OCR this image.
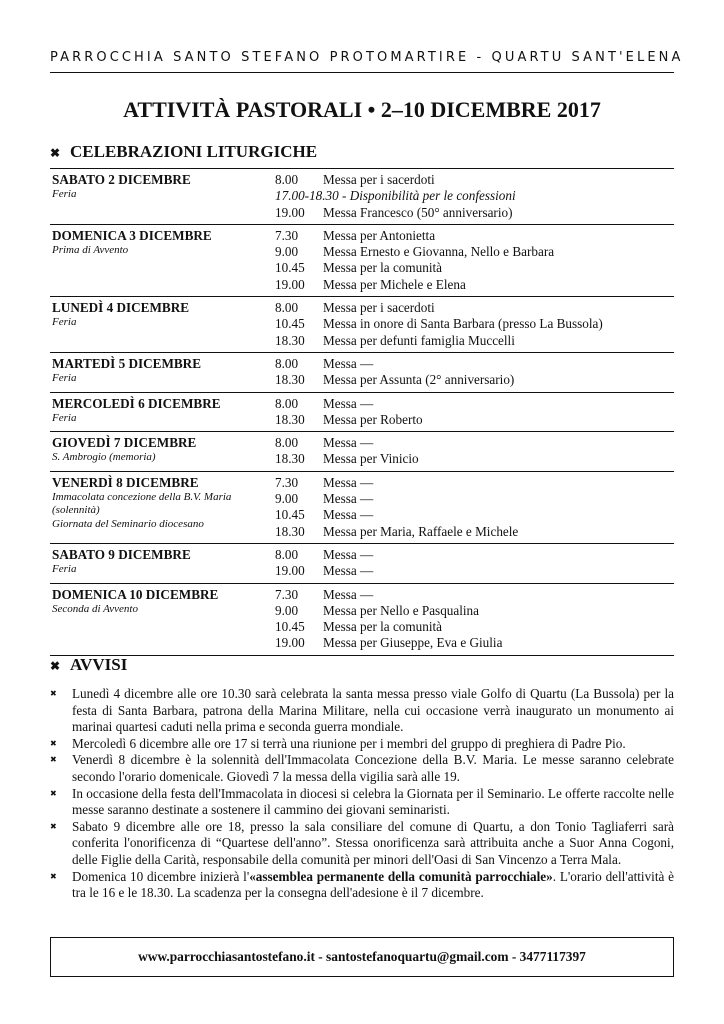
PARROCCHIA SANTO STEFANO PROTOMARTIRE - QUARTU SANT'ELENA
ATTIVITÀ PASTORALI • 2–10 DICEMBRE 2017
✖ CELEBRAZIONI LITURGICHE
SABATO 2 DICEMBRE
Feria
8.00	Messa per i sacerdoti
17.00-18.30 - Disponibilità per le confessioni
19.00	Messa Francesco (50° anniversario)
DOMENICA 3 DICEMBRE
Prima di Avvento
7.30	Messa per Antonietta
9.00	Messa Ernesto e Giovanna, Nello e Barbara
10.45	Messa per la comunità
19.00	Messa per Michele e Elena
LUNEDÌ 4 DICEMBRE
Feria
8.00	Messa per i sacerdoti
10.45	Messa in onore di Santa Barbara (presso La Bussola)
18.30	Messa per defunti famiglia Muccelli
MARTEDÌ 5 DICEMBRE
Feria
8.00	Messa —
18.30	Messa per Assunta (2° anniversario)
MERCOLEDÌ 6 DICEMBRE
Feria
8.00	Messa —
18.30	Messa per Roberto
GIOVEDÌ 7 DICEMBRE
S. Ambrogio (memoria)
8.00	Messa —
18.30	Messa per Vinicio
VENERDÌ 8 DICEMBRE
Immacolata concezione della B.V. Maria
(solennità)
Giornata del Seminario diocesano
7.30	Messa —
9.00	Messa —
10.45	Messa —
18.30	Messa per Maria, Raffaele e Michele
SABATO 9 DICEMBRE
Feria
8.00	Messa —
19.00	Messa —
DOMENICA 10 DICEMBRE
Seconda di Avvento
7.30	Messa —
9.00	Messa per Nello e Pasqualina
10.45	Messa per la comunità
19.00	Messa per Giuseppe, Eva e Giulia
✖ AVVISI
✖ Lunedì 4 dicembre alle ore 10.30 sarà celebrata la santa messa presso viale Golfo di Quartu (La Bussola) per la festa di Santa Barbara, patrona della Marina Militare, nella cui occasione verrà inaugurato un monumento ai marinai quartesi caduti nella prima e seconda guerra mondiale.
✖ Mercoledì 6 dicembre alle ore 17 si terrà una riunione per i membri del gruppo di preghiera di Padre Pio.
✖ Venerdì 8 dicembre è la solennità dell'Immacolata Concezione della B.V. Maria. Le messe saranno celebrate secondo l'orario domenicale. Giovedì 7 la messa della vigilia sarà alle 19.
✖ In occasione della festa dell'Immacolata in diocesi si celebra la Giornata per il Seminario. Le offerte raccolte nelle messe saranno destinate a sostenere il cammino dei giovani seminaristi.
✖ Sabato 9 dicembre alle ore 18, presso la sala consiliare del comune di Quartu, a don Tonio Tagliaferri sarà conferita l'onorificenza di “Quartese dell'anno”. Stessa onorificenza sarà attribuita anche a Suor Anna Cogoni, delle Figlie della Carità, responsabile della comunità per minori dell'Oasi di San Vincenzo a Terra Mala.
✖ Domenica 10 dicembre inizierà l'«assemblea permanente della comunità parrocchiale». L'orario dell'attività è tra le 16 e le 18.30. La scadenza per la consegna dell'adesione è il 7 dicembre.
www.parrocchiasantostefano.it - santostefanoquartu@gmail.com - 3477117397
